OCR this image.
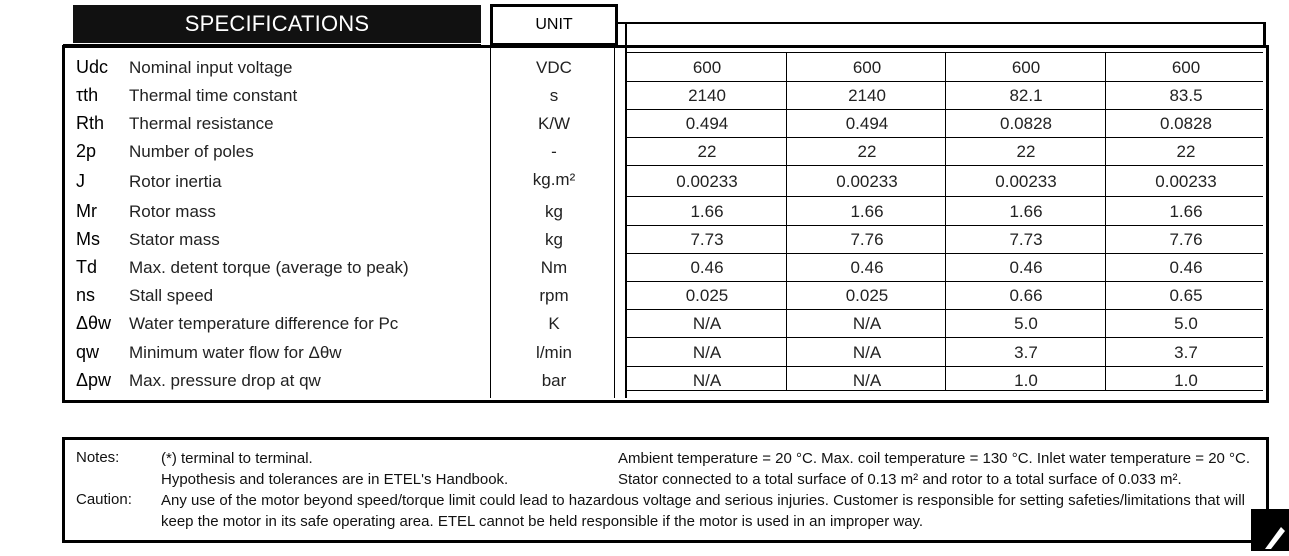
SPECIFICATIONS	UNIT
Udc Nominal input voltage	VDC	600	600	600	600
τth Thermal time constant	s	2140	2140	82.1	83.5
Rth Thermal resistance	K/W	0.494	0.494	0.0828	0.0828
2p Number of poles	-	22	22	22	22
J	Rotor inertia	kg.m²	0.00233	0.00233	0.00233	0.00233
Mr Rotor mass	kg	1.66	1.66	1.66	1.66
Ms Stator mass	kg	7.73	7.76	7.73	7.76
Td Max. detent torque (average to peak)	Nm	0.46	0.46	0.46	0.46
ns Stall speed	rpm	0.025	0.025	0.66	0.65
Δθw Water temperature difference for Pc	K	N/A	N/A	5.0	5.0
qw Minimum water flow for Δθw	l/min	N/A	N/A	3.7	3.7
Δpw Max. pressure drop at qw	bar	N/A	N/A	1.0	1.0
Notes:
Caution:
(*) terminal to terminal.
Hypothesis and tolerances are in ETEL's Handbook.
Ambient temperature = 20 °C. Max. coil temperature = 130 °C. Inlet water temperature = 20 °C.
Stator connected to a total surface of 0.13 m² and rotor to a total surface of 0.033 m².
Any use of the motor beyond speed/torque limit could lead to hazardous voltage and serious injuries. Customer is responsible for setting safeties/limitations that will
keep the motor in its safe operating area. ETEL cannot be held responsible if the motor is used in an improper way.
